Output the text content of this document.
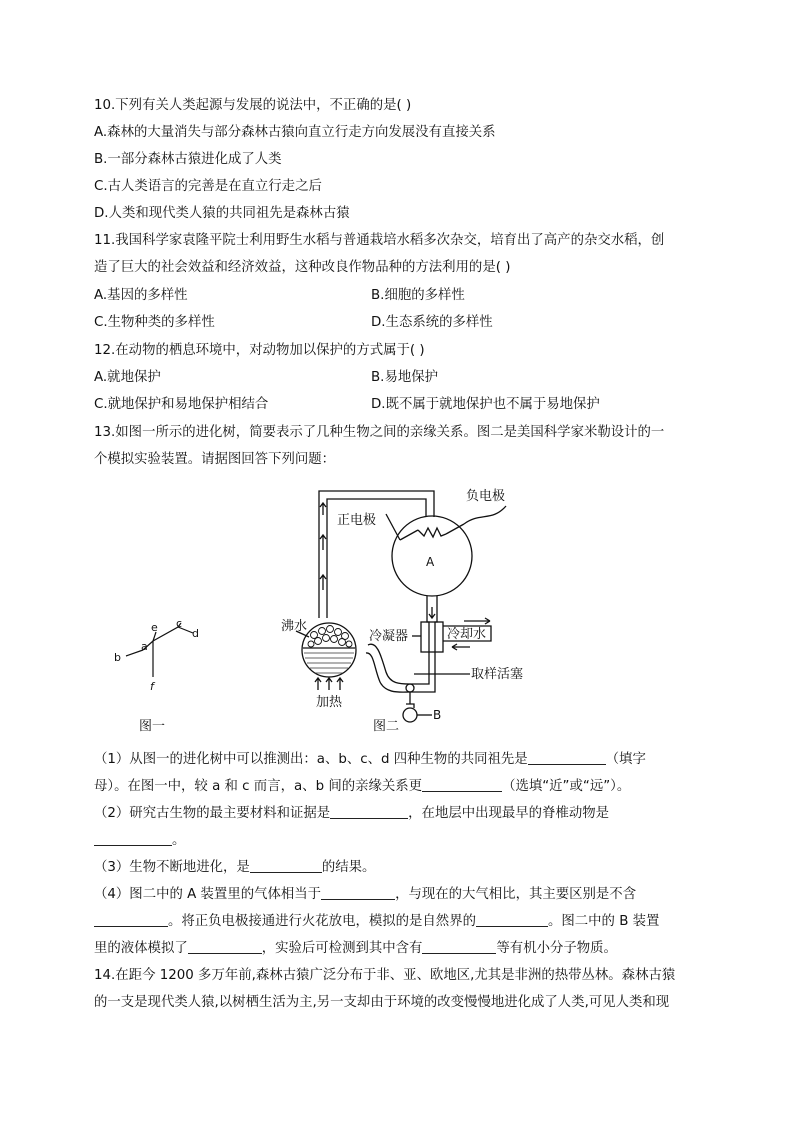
10.下列有关人类起源与发展的说法中，不正确的是( )
A.森林的大量消失与部分森林古猿向直立行走方向发展没有直接关系
B.一部分森林古猿进化成了人类
C.古人类语言的完善是在直立行走之后
D.人类和现代类人猿的共同祖先是森林古猿
11.我国科学家袁隆平院士利用野生水稻与普通栽培水稻多次杂交，培育出了高产的杂交水稻，创
造了巨大的社会效益和经济效益，这种改良作物品种的方法利用的是( )
A.基因的多样性	B.细胞的多样性
C.生物种类的多样性	D.生态系统的多样性
12.在动物的栖息环境中，对动物加以保护的方式属于( )
A.就地保护	B.易地保护
C.就地保护和易地保护相结合	D.既不属于就地保护也不属于易地保护
13.如图一所示的进化树，简要表示了几种生物之间的亲缘关系。图二是美国科学家米勒设计的一
个模拟实验装置。请据图回答下列问题：
b
a
e c
d
f
图一
负电极
正电极
A
冷凝器	冷却水
沸水
取样活塞
加热
B
图二
（1）从图一的进化树中可以推测出：a、b、c、d 四种生物的共同祖先是	（填字
母）。在图一中，较 a 和 c 而言，a、b 间的亲缘关系更	（选填“近”或“远”）。
（2）研究古生物的最主要材料和证据是	，在地层中出现最早的脊椎动物是
。
（3）生物不断地进化，是	的结果。
（4）图二中的 A 装置里的气体相当于	，与现在的大气相比，其主要区别是不含
。将正负电极接通进行火花放电，模拟的是自然界的	。图二中的 B 装置
里的液体模拟了	，实验后可检测到其中含有	等有机小分子物质。
14.在距今 1200 多万年前,森林古猿广泛分布于非、亚、欧地区,尤其是非洲的热带丛林。森林古猿
的一支是现代类人猿,以树栖生活为主,另一支却由于环境的改变慢慢地进化成了人类,可见人类和现
